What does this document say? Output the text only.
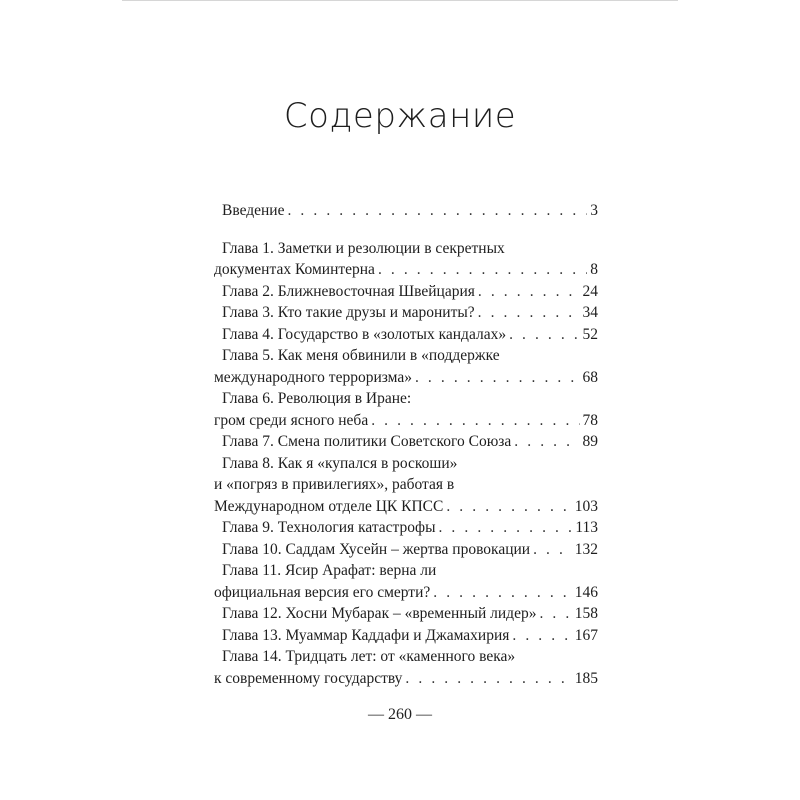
Содержание
Введение . . .	3
Глава 1. Заметки и резолюции в секретных
документах Коминтерна . . .	8
Глава 2. Ближневосточная Швейцария . . .	24
Глава 3. Кто такие друзы и марониты? . . .	34
Глава 4. Государство в «золотых кандалах» . . .	52
Глава 5. Как меня обвинили в «поддержке
международного терроризма» . . .	68
Глава 6. Революция в Иране:
гром среди ясного неба . . .	78
Глава 7. Смена политики Советского Союза . . .	89
Глава 8. Как я «купался в роскоши»
и «погряз в привилегиях», работая в
Международном отделе ЦК КПСС . . .	103
Глава 9. Технология катастрофы . . .	113
Глава 10. Саддам Хусейн – жертва провокации . . .	132
Глава 11. Ясир Арафат: верна ли
официальная версия его смерти? . . .	146
Глава 12. Хосни Мубарак – «временный лидер» . . . 158
Глава 13. Муаммар Каддафи и Джамахирия . . .	167
Глава 14. Тридцать лет: от «каменного века»
к современному государству . . .	185
— 260 —
